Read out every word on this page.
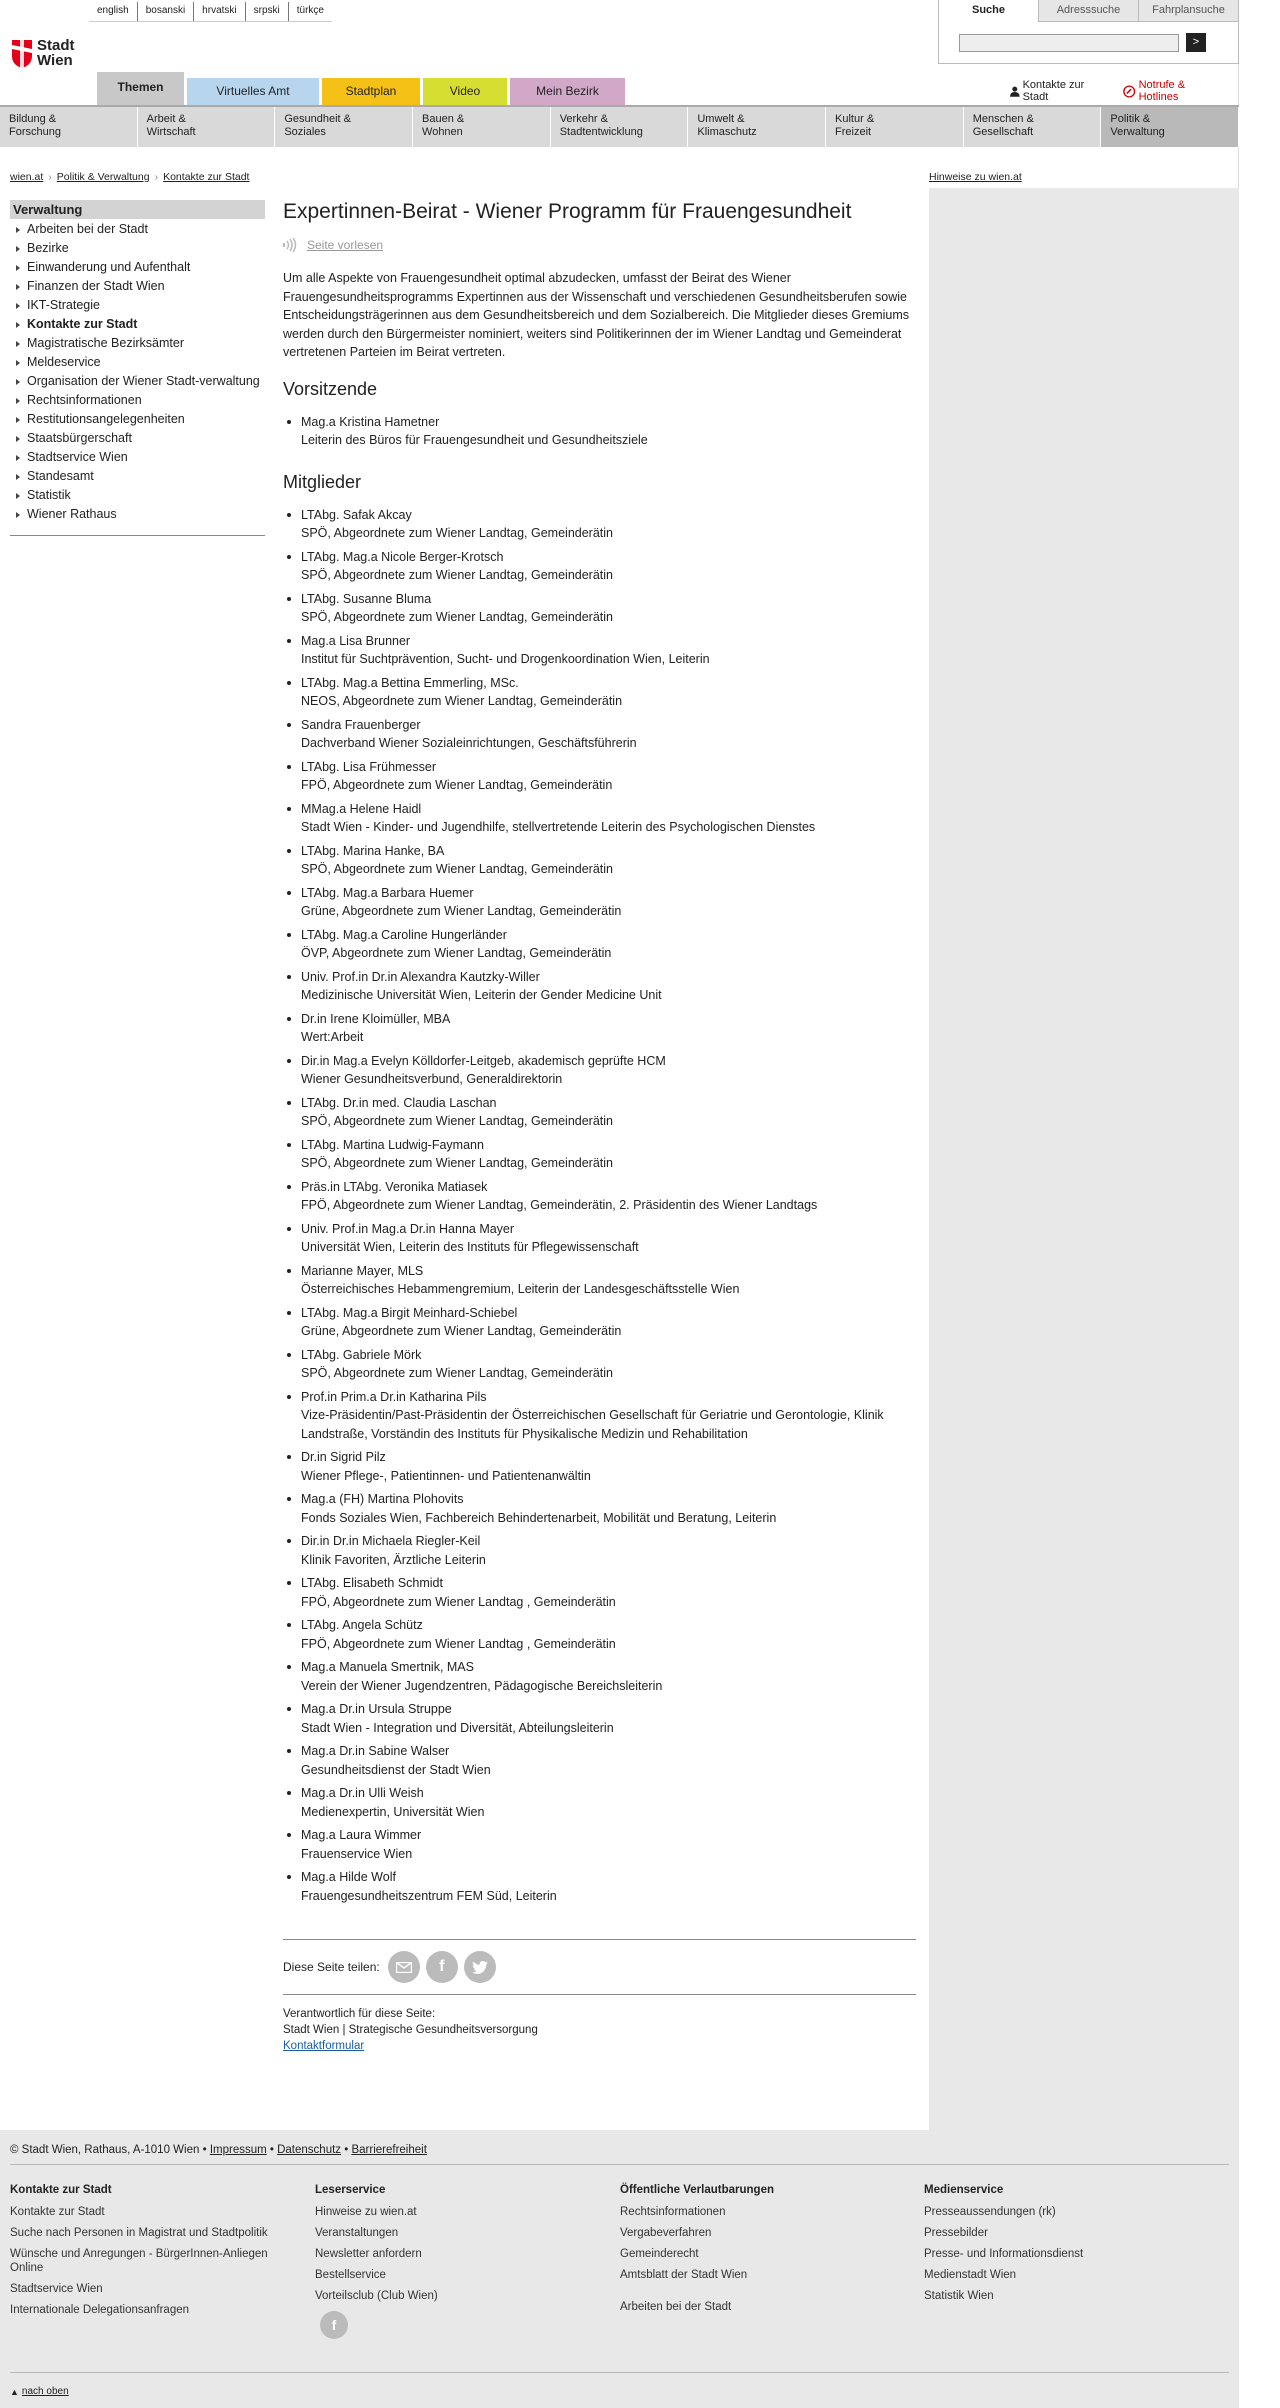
english	bosanski	hrvatski	srpski	türkçe
Stadt
Wien
Suche	Adresssuche	Fahrplansuche
>
Themen	Virtuelles Amt	Stadtplan	Video	Mein Bezirk	Kontakte zur Stadt
Notrufe & Hotlines
Bildung &
Forschung
Arbeit &
Wirtschaft
Gesundheit &
Soziales
Bauen &
Wohnen
Verkehr &
Stadtentwicklung
Umwelt &
Klimaschutz
Kultur &
Freizeit
Menschen &
Gesellschaft
Politik &
Verwaltung
wien.at › Politik & Verwaltung › Kontakte zur Stadt	Hinweise zu wien.at
Verwaltung
Arbeiten bei der Stadt
Bezirke
Einwanderung und Aufenthalt
Finanzen der Stadt Wien
IKT-Strategie
Kontakte zur Stadt
Magistratische Bezirksämter
Meldeservice
Organisation der Wiener Stadt-verwaltung
Rechtsinformationen
Restitutionsangelegenheiten
Staatsbürgerschaft
Stadtservice Wien
Standesamt
Statistik
Wiener Rathaus
Expertinnen-Beirat - Wiener Programm für Frauengesundheit
Seite vorlesen

Um alle Aspekte von Frauengesundheit optimal abzudecken, umfasst der Beirat des Wiener Frauengesundheitsprogramms Expertinnen aus der Wissenschaft und verschiedenen Gesundheitsberufen sowie Entscheidungsträgerinnen aus dem Gesundheitsbereich und dem Sozialbereich. Die Mitglieder dieses Gremiums werden durch den Bürgermeister nominiert, weiters sind Politikerinnen der im Wiener Landtag und Gemeinderat vertretenen Parteien im Beirat vertreten.

Vorsitzende
Mag.a Kristina Hametner
Leiterin des Büros für Frauengesundheit und Gesundheitsziele
Mitglieder
LTAbg. Safak Akcay
SPÖ, Abgeordnete zum Wiener Landtag, Gemeinderätin
LTAbg. Mag.a Nicole Berger-Krotsch
SPÖ, Abgeordnete zum Wiener Landtag, Gemeinderätin
LTAbg. Susanne Bluma
SPÖ, Abgeordnete zum Wiener Landtag, Gemeinderätin
Mag.a Lisa Brunner
Institut für Suchtprävention, Sucht- und Drogenkoordination Wien, Leiterin
LTAbg. Mag.a Bettina Emmerling, MSc.
NEOS, Abgeordnete zum Wiener Landtag, Gemeinderätin
Sandra Frauenberger
Dachverband Wiener Sozialeinrichtungen, Geschäftsführerin
LTAbg. Lisa Frühmesser
FPÖ, Abgeordnete zum Wiener Landtag, Gemeinderätin
MMag.a Helene Haidl
Stadt Wien - Kinder- und Jugendhilfe, stellvertretende Leiterin des Psychologischen Dienstes
LTAbg. Marina Hanke, BA
SPÖ, Abgeordnete zum Wiener Landtag, Gemeinderätin
LTAbg. Mag.a Barbara Huemer
Grüne, Abgeordnete zum Wiener Landtag, Gemeinderätin
LTAbg. Mag.a Caroline Hungerländer
ÖVP, Abgeordnete zum Wiener Landtag, Gemeinderätin
Univ. Prof.in Dr.in Alexandra Kautzky-Willer
Medizinische Universität Wien, Leiterin der Gender Medicine Unit
Dr.in Irene Kloimüller, MBA
Wert:Arbeit
Dir.in Mag.a Evelyn Kölldorfer-Leitgeb, akademisch geprüfte HCM
Wiener Gesundheitsverbund, Generaldirektorin
LTAbg. Dr.in med. Claudia Laschan
SPÖ, Abgeordnete zum Wiener Landtag, Gemeinderätin
LTAbg. Martina Ludwig-Faymann
SPÖ, Abgeordnete zum Wiener Landtag, Gemeinderätin
Präs.in LTAbg. Veronika Matiasek
FPÖ, Abgeordnete zum Wiener Landtag, Gemeinderätin, 2. Präsidentin des Wiener Landtags
Univ. Prof.in Mag.a Dr.in Hanna Mayer
Universität Wien, Leiterin des Instituts für Pflegewissenschaft
Marianne Mayer, MLS
Österreichisches Hebammengremium, Leiterin der Landesgeschäftsstelle Wien
LTAbg. Mag.a Birgit Meinhard-Schiebel
Grüne, Abgeordnete zum Wiener Landtag, Gemeinderätin
LTAbg. Gabriele Mörk
SPÖ, Abgeordnete zum Wiener Landtag, Gemeinderätin
Prof.in Prim.a Dr.in Katharina Pils
Vize-Präsidentin/Past-Präsidentin der Österreichischen Gesellschaft für Geriatrie und Gerontologie, Klinik Landstraße, Vorständin des Instituts für Physikalische Medizin und Rehabilitation
Dr.in Sigrid Pilz
Wiener Pflege-, Patientinnen- und Patientenanwältin
Mag.a (FH) Martina Plohovits
Fonds Soziales Wien, Fachbereich Behindertenarbeit, Mobilität und Beratung, Leiterin
Dir.in Dr.in Michaela Riegler-Keil
Klinik Favoriten, Ärztliche Leiterin
LTAbg. Elisabeth Schmidt
FPÖ, Abgeordnete zum Wiener Landtag , Gemeinderätin
LTAbg. Angela Schütz
FPÖ, Abgeordnete zum Wiener Landtag , Gemeinderätin
Mag.a Manuela Smertnik, MAS
Verein der Wiener Jugendzentren, Pädagogische Bereichsleiterin
Mag.a Dr.in Ursula Struppe
Stadt Wien - Integration und Diversität, Abteilungsleiterin
Mag.a Dr.in Sabine Walser
Gesundheitsdienst der Stadt Wien
Mag.a Dr.in Ulli Weish
Medienexpertin, Universität Wien
Mag.a Laura Wimmer
Frauenservice Wien
Mag.a Hilde Wolf
Frauengesundheitszentrum FEM Süd, Leiterin
Diese Seite teilen:	f
Verantwortlich für diese Seite:
Stadt Wien | Strategische Gesundheitsversorgung
Kontaktformular
© Stadt Wien, Rathaus, A-1010 Wien • Impressum • Datenschutz • Barrierefreiheit
Kontakte zur Stadt
Kontakte zur Stadt
Suche nach Personen in Magistrat und Stadtpolitik
Wünsche und Anregungen - BürgerInnen-Anliegen Online
Stadtservice Wien
Internationale Delegationsanfragen
Leserservice
Hinweise zu wien.at
Veranstaltungen
Newsletter anfordern
Bestellservice
Vorteilsclub (Club Wien)
f
Öffentliche Verlautbarungen
Rechtsinformationen
Vergabeverfahren
Gemeinderecht
Amtsblatt der Stadt Wien
Arbeiten bei der Stadt
Medienservice
Presseaussendungen (rk)
Pressebilder
Presse- und Informationsdienst
Medienstadt Wien
Statistik Wien
▲ nach oben
